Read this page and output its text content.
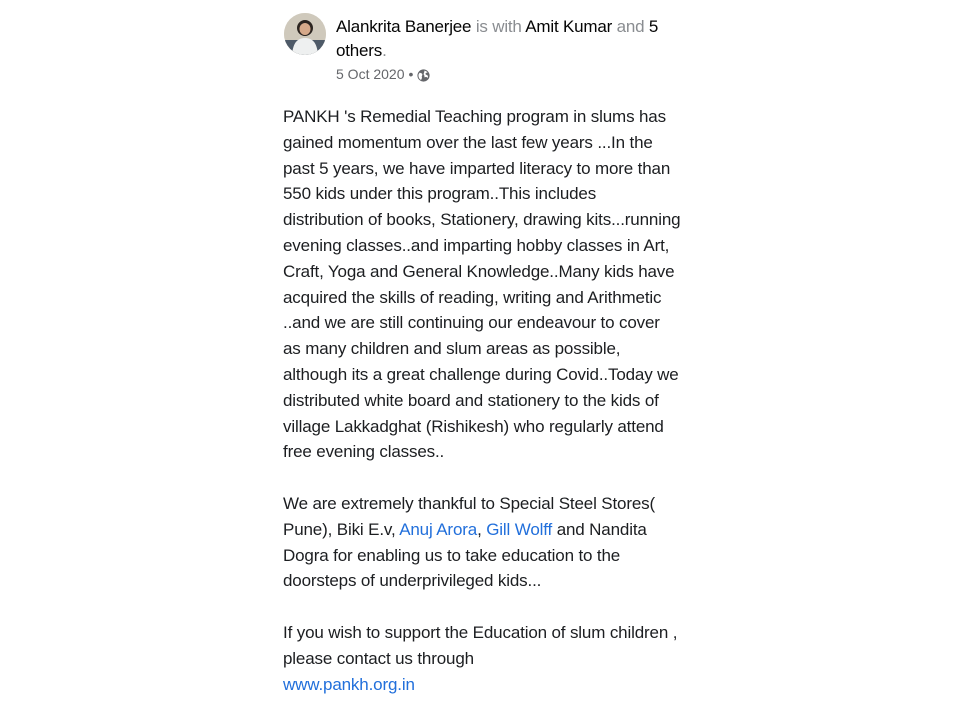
Alankrita Banerjee is with Amit Kumar and 5 others.
5 Oct 2020 •

PANKH 's Remedial Teaching program in slums has gained momentum over the last few years ...In the past 5 years, we have imparted literacy to more than 550 kids under this program..This includes distribution of books, Stationery, drawing kits...running evening classes..and imparting hobby classes in Art, Craft, Yoga and General Knowledge..Many kids have acquired the skills of reading, writing and Arithmetic ..and we are still continuing our endeavour to cover as many children and slum areas as possible, although its a great challenge during Covid..Today we distributed white board and stationery to the kids of village Lakkadghat (Rishikesh) who regularly attend free evening classes..

We are extremely thankful to Special Steel Stores( Pune), Biki E.v, Anuj Arora, Gill Wolff and Nandita Dogra for enabling us to take education to the doorsteps of underprivileged kids...

If you wish to support the Education of slum children , please contact us through
www.pankh.org.in
